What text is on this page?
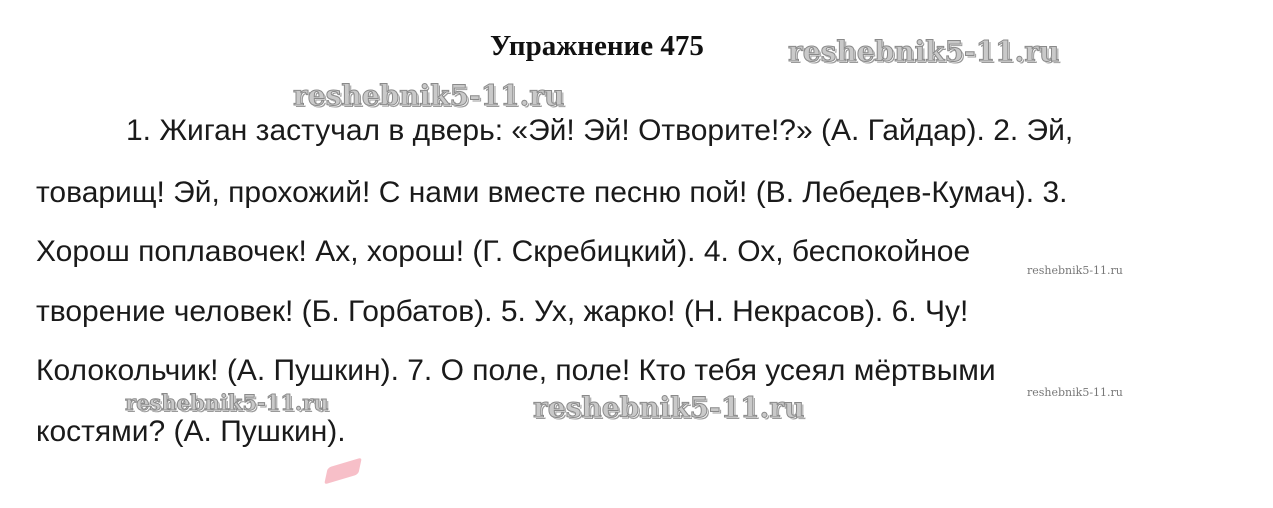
Упражнение 475
1. Жиган застучал в дверь: «Эй! Эй! Отворите!?» (А. Гайдар). 2. Эй,
товарищ! Эй, прохожий! С нами вместе песню пой! (В. Лебедев-Кумач). 3.
Хорош поплавочек! Ах, хорош! (Г. Скребицкий). 4. Ох, беспокойное
творение человек! (Б. Горбатов). 5. Ух, жарко! (Н. Некрасов). 6. Чу!
Колокольчик! (А. Пушкин). 7. О поле, поле! Кто тебя усеял мёртвыми
костями? (А. Пушкин).
reshebnik5-11.ru
reshebnik5-11.ru
reshebnik5-11.ru
reshebnik5-11.ru
reshebnik5-11.ru	reshebnik5-11.ru
